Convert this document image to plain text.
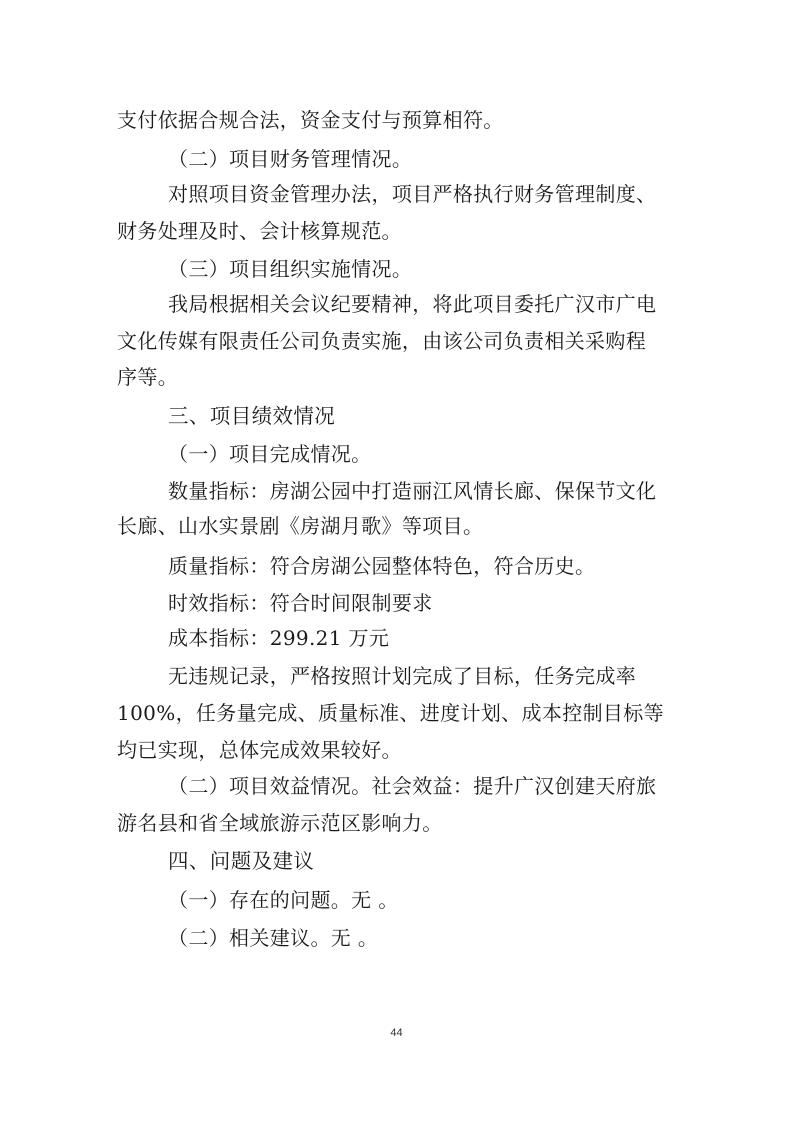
支付依据合规合法，资金支付与预算相符。
（二）项目财务管理情况。
对照项目资金管理办法，项目严格执行财务管理制度、
财务处理及时、会计核算规范。
（三）项目组织实施情况。
我局根据相关会议纪要精神，将此项目委托广汉市广电
文化传媒有限责任公司负责实施，由该公司负责相关采购程
序等。
三、项目绩效情况
（一）项目完成情况。
数量指标：房湖公园中打造丽江风情长廊、保保节文化
长廊、山水实景剧《房湖月歌》等项目。
质量指标：符合房湖公园整体特色，符合历史。
时效指标：符合时间限制要求
成本指标：299.21 万元
无违规记录，严格按照计划完成了目标，任务完成率
100%，任务量完成、质量标准、进度计划、成本控制目标等
均已实现，总体完成效果较好。
（二）项目效益情况。社会效益：提升广汉创建天府旅
游名县和省全域旅游示范区影响力。
四、问题及建议
（一）存在的问题。无 。
（二）相关建议。无 。
44
